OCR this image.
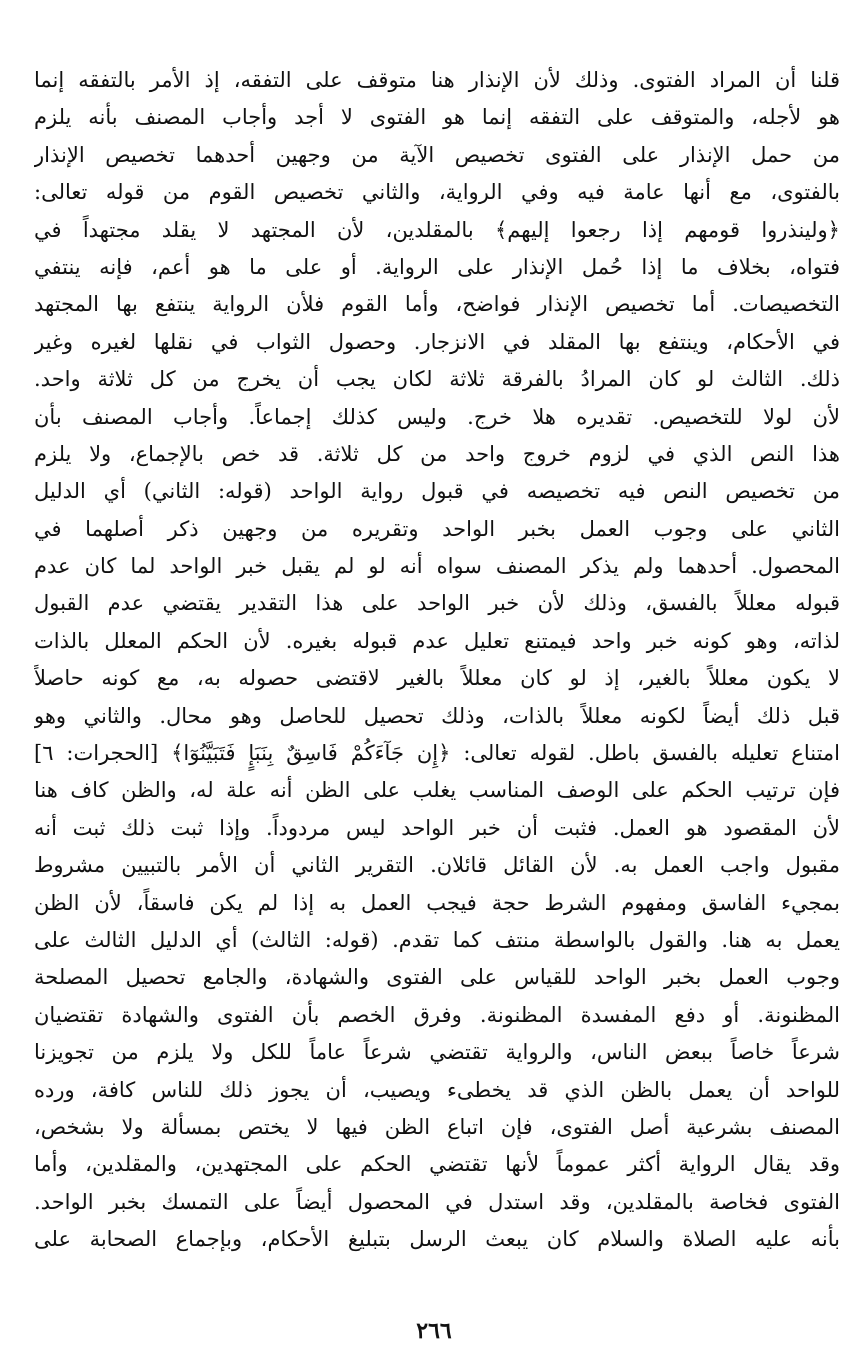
قلنا أن المراد الفتوى. وذلك لأن الإنذار هنا متوقف على التفقه، إذ الأمر بالتفقه إنما
هو لأجله، والمتوقف على التفقه إنما هو الفتوى لا أجد وأجاب المصنف بأنه يلزم
من حمل الإنذار على الفتوى تخصيص الآية من وجهين أحدهما تخصيص الإنذار
بالفتوى، مع أنها عامة فيه وفي الرواية، والثاني تخصيص القوم من قوله تعالى:
﴿ولينذروا قومهم إذا رجعوا إليهم﴾ بالمقلدين، لأن المجتهد لا يقلد مجتهداً في
فتواه، بخلاف ما إذا حُمل الإنذار على الرواية. أو على ما هو أعم، فإنه ينتفي
التخصيصات. أما تخصيص الإنذار فواضح، وأما القوم فلأن الرواية ينتفع بها المجتهد
في الأحكام، وينتفع بها المقلد في الانزجار. وحصول الثواب في نقلها لغيره وغير
ذلك. الثالث لو كان المرادُ بالفرقة ثلاثة لكان يجب أن يخرج من كل ثلاثة واحد.
لأن لولا للتخصيص. تقديره هلا خرج. وليس كذلك إجماعاً. وأجاب المصنف بأن
هذا النص الذي في لزوم خروج واحد من كل ثلاثة. قد خص بالإجماع، ولا يلزم
من تخصيص النص فيه تخصيصه في قبول رواية الواحد (قوله: الثاني) أي الدليل
الثاني على وجوب العمل بخبر الواحد وتقريره من وجهين ذكر أصلهما في
المحصول. أحدهما ولم يذكر المصنف سواه أنه لو لم يقبل خبر الواحد لما كان عدم
قبوله معللاً بالفسق، وذلك لأن خبر الواحد على هذا التقدير يقتضي عدم القبول
لذاته، وهو كونه خبر واحد فيمتنع تعليل عدم قبوله بغيره. لأن الحكم المعلل بالذات
لا يكون معللاً بالغير، إذ لو كان معللاً بالغير لاقتضى حصوله به، مع كونه حاصلاً
قبل ذلك أيضاً لكونه معللاً بالذات، وذلك تحصيل للحاصل وهو محال. والثاني وهو
امتناع تعليله بالفسق باطل. لقوله تعالى: ﴿إِن جَآءَكُمْ فَاسِقٌ بِنَبَإٍ فَتَبَيَّنُوٓا﴾ [الحجرات: ٦]
فإن ترتيب الحكم على الوصف المناسب يغلب على الظن أنه علة له، والظن كاف هنا
لأن المقصود هو العمل. فثبت أن خبر الواحد ليس مردوداً. وإذا ثبت ذلك ثبت أنه
مقبول واجب العمل به. لأن القائل قائلان. التقرير الثاني أن الأمر بالتبيين مشروط
بمجيء الفاسق ومفهوم الشرط حجة فيجب العمل به إذا لم يكن فاسقاً، لأن الظن
يعمل به هنا. والقول بالواسطة منتف كما تقدم. (قوله: الثالث) أي الدليل الثالث على
وجوب العمل بخبر الواحد للقياس على الفتوى والشهادة، والجامع تحصيل المصلحة
المظنونة. أو دفع المفسدة المظنونة. وفرق الخصم بأن الفتوى والشهادة تقتضيان
شرعاً خاصاً ببعض الناس، والرواية تقتضي شرعاً عاماً للكل ولا يلزم من تجويزنا
للواحد أن يعمل بالظن الذي قد يخطىء ويصيب، أن يجوز ذلك للناس كافة، ورده
المصنف بشرعية أصل الفتوى، فإن اتباع الظن فيها لا يختص بمسألة ولا بشخص،
وقد يقال الرواية أكثر عموماً لأنها تقتضي الحكم على المجتهدين، والمقلدين، وأما
الفتوى فخاصة بالمقلدين، وقد استدل في المحصول أيضاً على التمسك بخبر الواحد.
بأنه عليه الصلاة والسلام كان يبعث الرسل بتبليغ الأحكام، وبإجماع الصحابة على
٢٦٦
